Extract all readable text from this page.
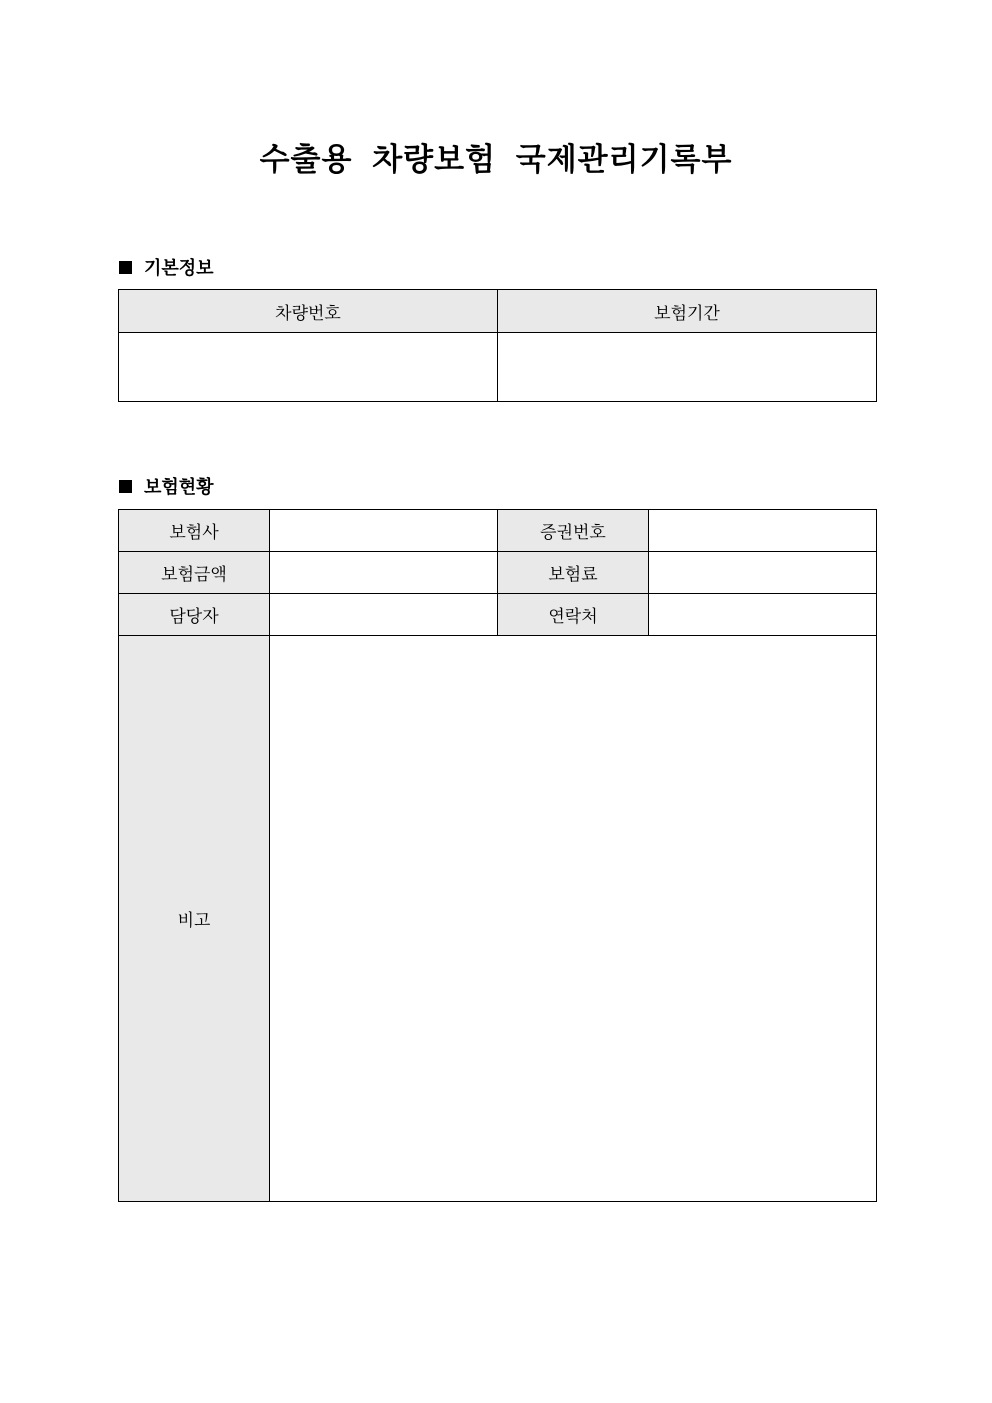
수출용 차량보험 국제관리기록부
기본정보
차량번호	보험기간

보험현황
보험사		증권번호	
보험금액		보험료	
담당자		연락처	
비고			
